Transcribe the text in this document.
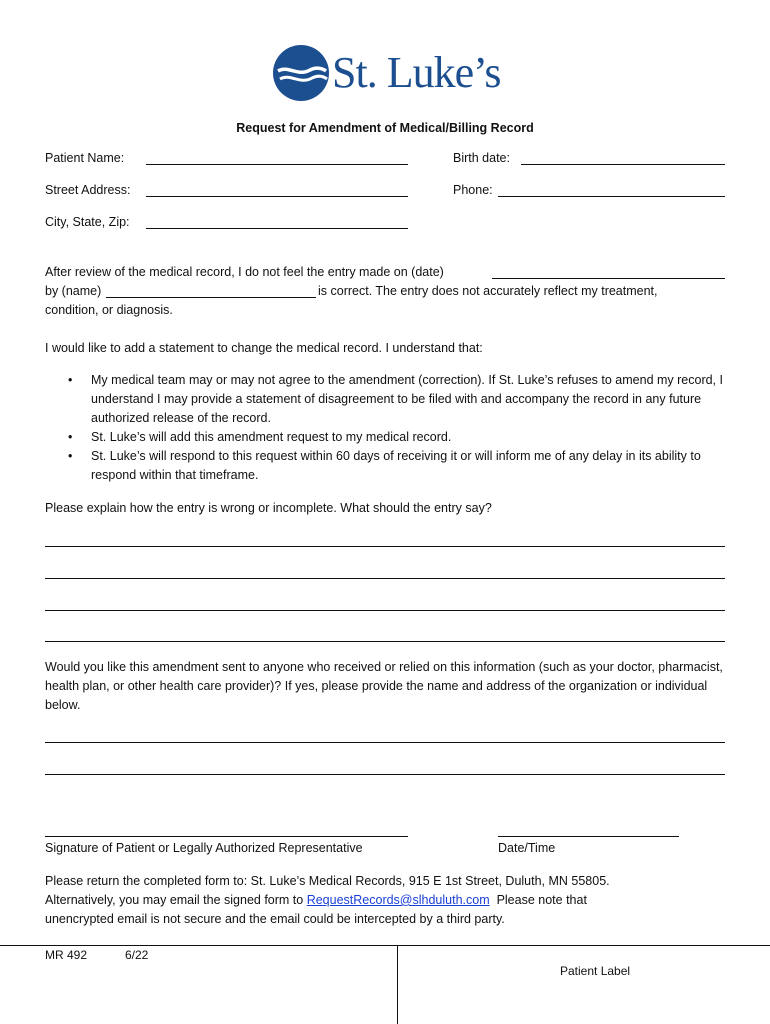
St. Luke’s
Request for Amendment of Medical/Billing Record
Patient Name:	Birth date:
Street Address:	Phone:
City, State, Zip:
After review of the medical record, I do not feel the entry made on (date)
by (name)	is correct. The entry does not accurately reflect my treatment,
condition, or diagnosis.
I would like to add a statement to change the medical record. I understand that:
• My medical team may or may not agree to the amendment (correction). If St. Luke’s refuses to amend my record, I understand I may provide a statement of disagreement to be filed with and accompany the record in any future authorized release of the record.
• St. Luke’s will add this amendment request to my medical record.
• St. Luke’s will respond to this request within 60 days of receiving it or will inform me of any delay in its ability to respond within that timeframe.
Please explain how the entry is wrong or incomplete. What should the entry say?
Would you like this amendment sent to anyone who received or relied on this information (such as your doctor, pharmacist, health plan, or other health care provider)? If yes, please provide the name and address of the organization or individual below.
Signature of Patient or Legally Authorized Representative	Date/Time
Please return the completed form to: St. Luke’s Medical Records, 915 E 1st Street, Duluth, MN 55805.
Alternatively, you may email the signed form to RequestRecords@slhduluth.com  Please note that
unencrypted email is not secure and the email could be intercepted by a third party.
MR 492	6/22
Patient Label
